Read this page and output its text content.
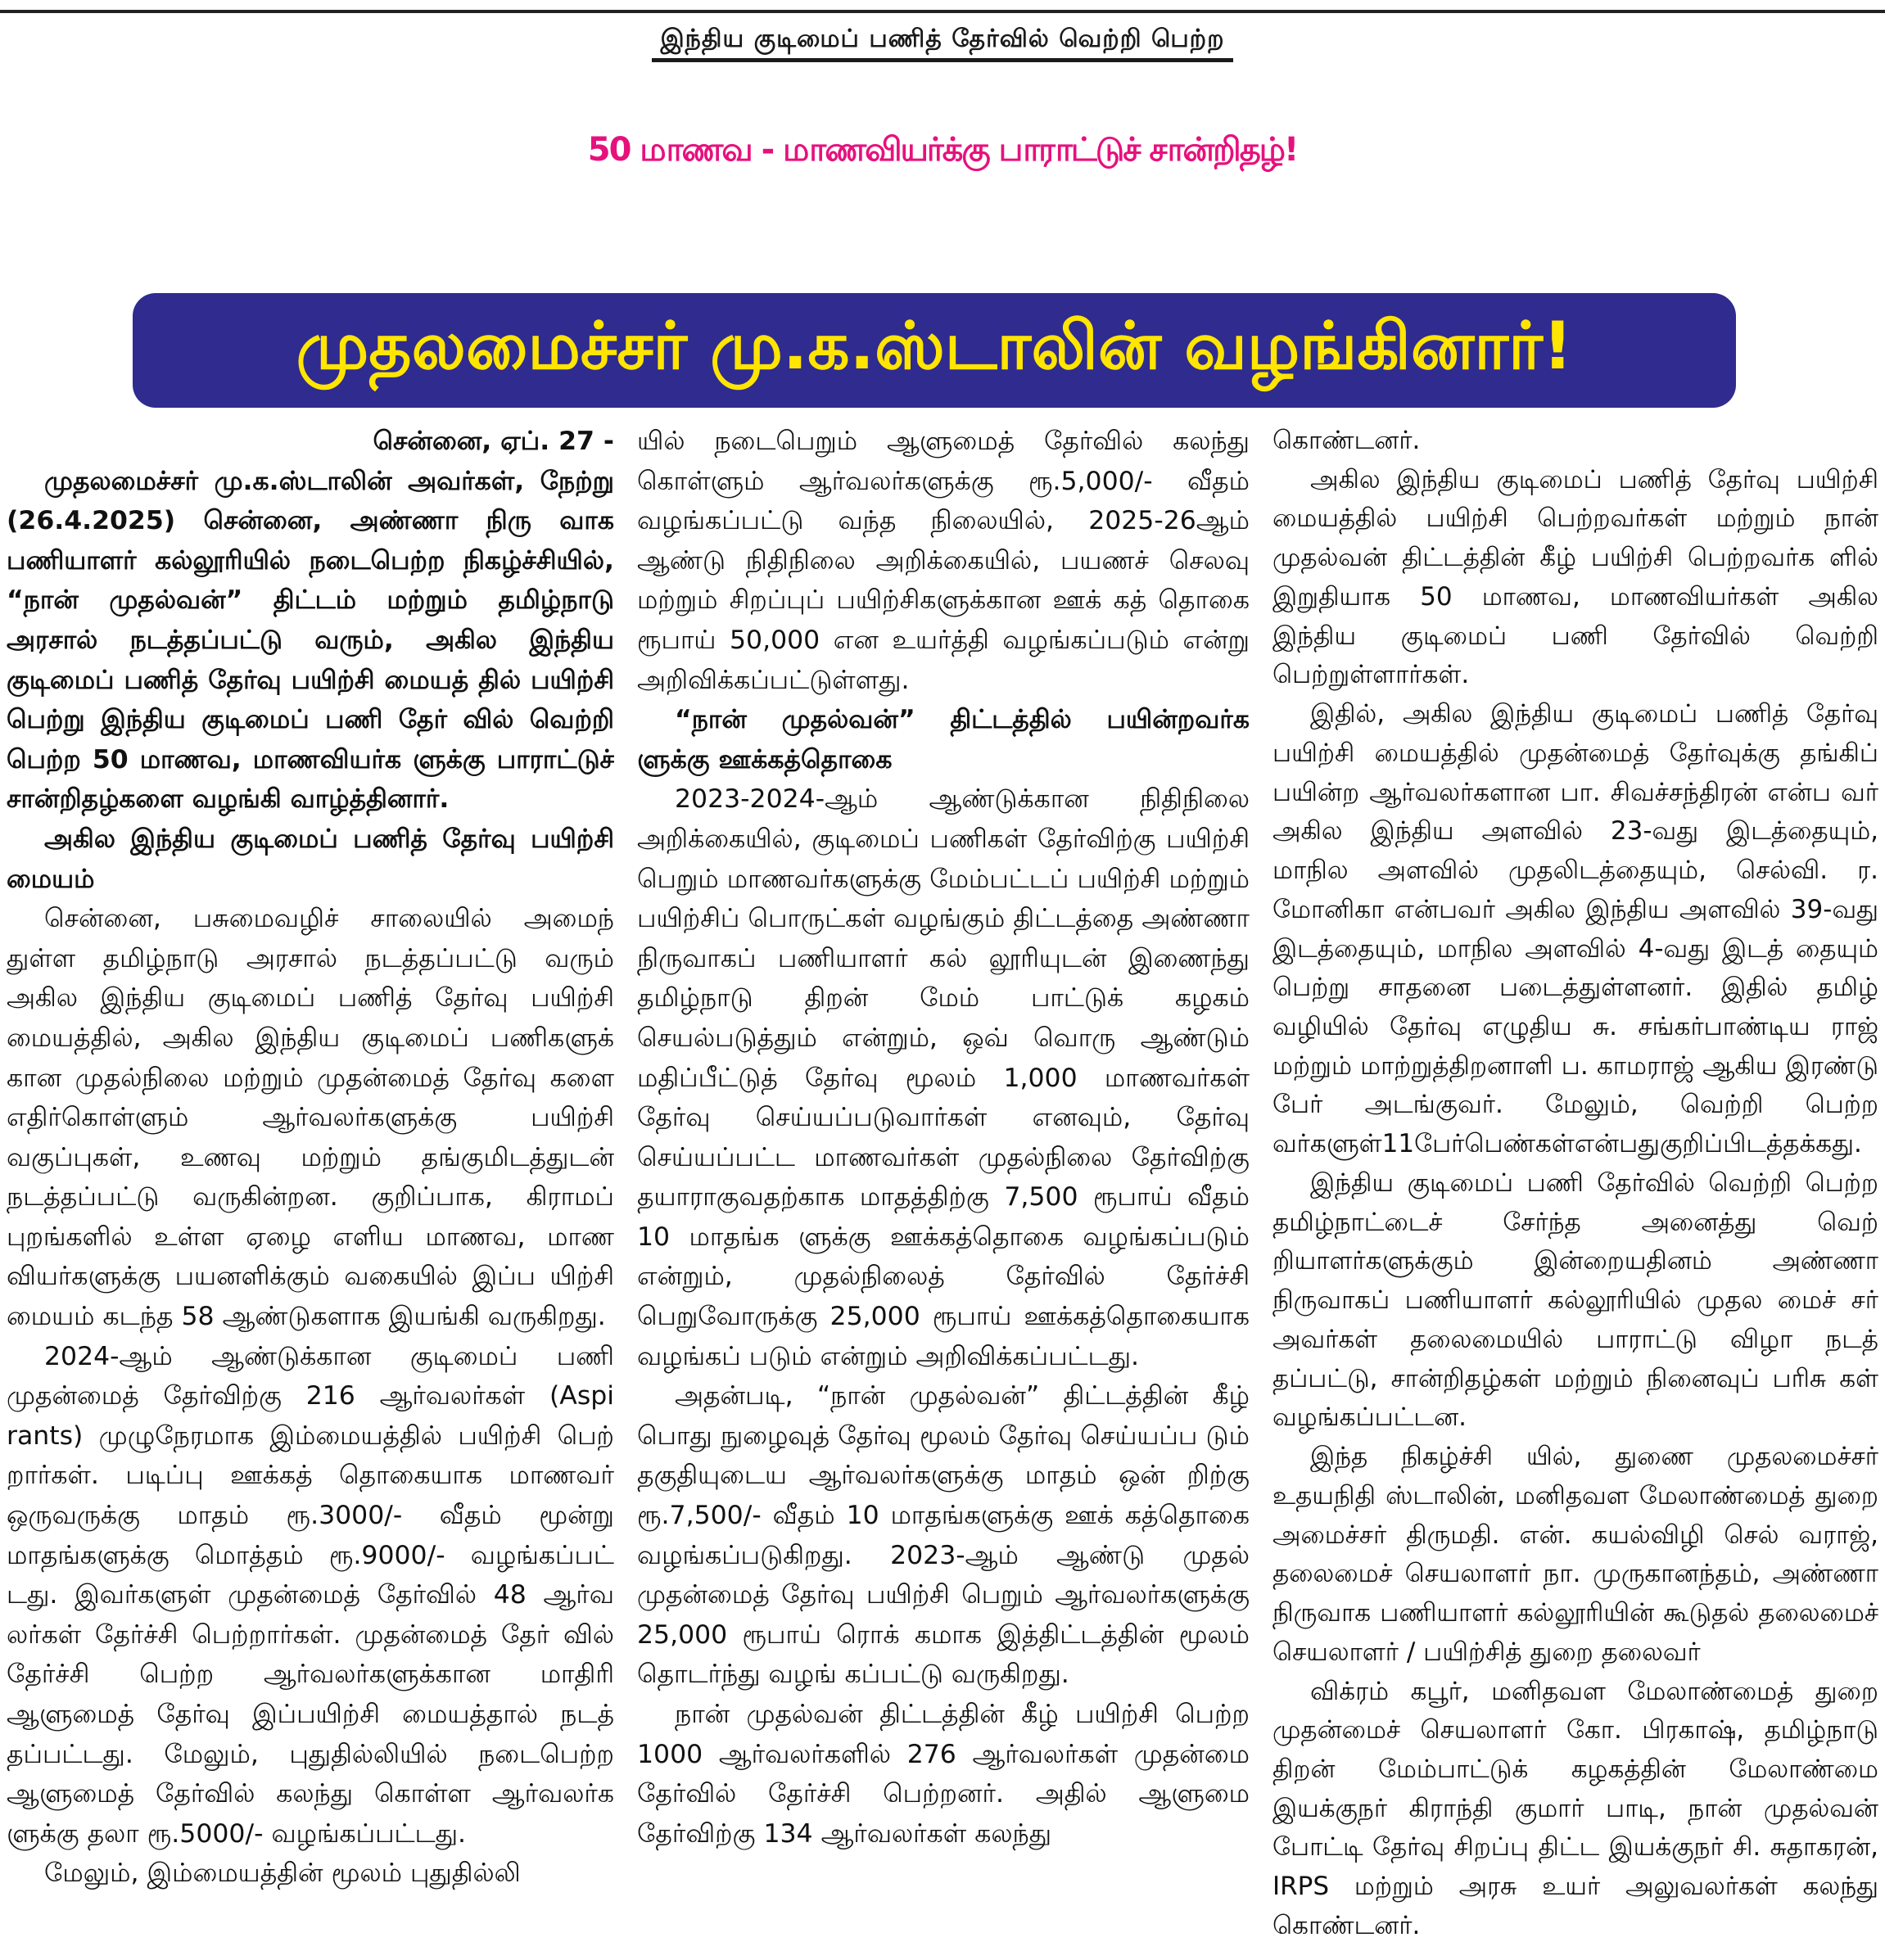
இந்திய குடிமைப் பணித் தேர்வில் வெற்றி பெற்ற
50 மாணவ - மாணவியர்க்கு பாராட்டுச் சான்றிதழ்!
முதலமைச்சர் மு.க.ஸ்டாலின் வழங்கினார்!

சென்னை, ஏப். 27 -

முதலமைச்சர் மு.க.ஸ்டாலின் அவர்கள், நேற்று (26.4.2025) சென்னை, அண்ணா நிரு வாக பணியாளர் கல்லூரியில் நடைபெற்ற நிகழ்ச்சியில், “நான் முதல்வன்” திட்டம் மற்றும் தமிழ்நாடு அரசால் நடத்தப்பட்டு வரும், அகில இந்திய குடிமைப் பணித் தேர்வு பயிற்சி மையத் தில் பயிற்சி பெற்று இந்திய குடிமைப் பணி தேர் வில் வெற்றி பெற்ற 50 மாணவ, மாணவியர்க ளுக்கு பாராட்டுச் சான்றிதழ்களை வழங்கி வாழ்த்தினார்.

அகில இந்திய குடிமைப் பணித் தேர்வு பயிற்சி மையம்

சென்னை, பசுமைவழிச் சாலையில் அமைந் துள்ள தமிழ்நாடு அரசால் நடத்தப்பட்டு வரும் அகில இந்திய குடிமைப் பணித் தேர்வு பயிற்சி மையத்தில், அகில இந்திய குடிமைப் பணிகளுக் கான முதல்நிலை மற்றும் முதன்மைத் தேர்வு களை எதிர்கொள்ளும் ஆர்வலர்களுக்கு பயிற்சி வகுப்புகள், உணவு மற்றும் தங்குமிடத்துடன் நடத்தப்பட்டு வருகின்றன. குறிப்பாக, கிராமப் புறங்களில் உள்ள ஏழை எளிய மாணவ, மாண வியர்களுக்கு பயனளிக்கும் வகையில் இப்ப யிற்சி மையம் கடந்த 58 ஆண்டுகளாக இயங்கி வருகிறது.

2024-ஆம் ஆண்டுக்கான குடிமைப் பணி முதன்மைத் தேர்விற்கு 216 ஆர்வலர்கள் (Aspi rants) முழுநேரமாக இம்மையத்தில் பயிற்சி பெற் றார்கள். படிப்பு ஊக்கத் தொகையாக மாணவர் ஒருவருக்கு மாதம் ரூ.3000/- வீதம் மூன்று மாதங்களுக்கு மொத்தம் ரூ.9000/- வழங்கப்பட் டது. இவர்களுள் முதன்மைத் தேர்வில் 48 ஆர்வ லர்கள் தேர்ச்சி பெற்றார்கள். முதன்மைத் தேர் வில் தேர்ச்சி பெற்ற ஆர்வலர்களுக்கான மாதிரி ஆளுமைத் தேர்வு இப்பயிற்சி மையத்தால் நடத் தப்பட்டது. மேலும், புதுதில்லியில் நடைபெற்ற ஆளுமைத் தேர்வில் கலந்து கொள்ள ஆர்வலர்க ளுக்கு தலா ரூ.5000/- வழங்கப்பட்டது.

மேலும், இம்மையத்தின் மூலம் புதுதில்லி

யில் நடைபெறும் ஆளுமைத் தேர்வில் கலந்து கொள்ளும் ஆர்வலர்களுக்கு ரூ.5,000/- வீதம் வழங்கப்பட்டு வந்த நிலையில், 2025-26ஆம் ஆண்டு நிதிநிலை அறிக்கையில், பயணச் செலவு மற்றும் சிறப்புப் பயிற்சிகளுக்கான ஊக் கத் தொகை ரூபாய் 50,000 என உயர்த்தி வழங்கப்படும் என்று அறிவிக்கப்பட்டுள்ளது.

“நான் முதல்வன்” திட்டத்தில் பயின்றவர்க ளுக்கு ஊக்கத்தொகை

2023-2024-ஆம் ஆண்டுக்கான நிதிநிலை அறிக்கையில், குடிமைப் பணிகள் தேர்விற்கு பயிற்சி பெறும் மாணவர்களுக்கு மேம்பட்டப் பயிற்சி மற்றும் பயிற்சிப் பொருட்கள் வழங்கும் திட்டத்தை அண்ணா நிருவாகப் பணியாளர் கல் லூரியுடன் இணைந்து தமிழ்நாடு திறன் மேம் பாட்டுக் கழகம் செயல்படுத்தும் என்றும், ஒவ் வொரு ஆண்டும் மதிப்பீட்டுத் தேர்வு மூலம் 1,000 மாணவர்கள் தேர்வு செய்யப்படுவார்கள் எனவும், தேர்வு செய்யப்பட்ட மாணவர்கள் முதல்நிலை தேர்விற்கு தயாராகுவதற்காக மாதத்திற்கு 7,500 ரூபாய் வீதம் 10 மாதங்க ளுக்கு ஊக்கத்தொகை வழங்கப்படும் என்றும், முதல்நிலைத் தேர்வில் தேர்ச்சி பெறுவோருக்கு 25,000 ரூபாய் ஊக்கத்தொகையாக வழங்கப் படும் என்றும் அறிவிக்கப்பட்டது.

அதன்படி, “நான் முதல்வன்” திட்டத்தின் கீழ் பொது நுழைவுத் தேர்வு மூலம் தேர்வு செய்யப்ப டும் தகுதியுடைய ஆர்வலர்களுக்கு மாதம் ஒன் றிற்கு ரூ.7,500/- வீதம் 10 மாதங்களுக்கு ஊக் கத்தொகை வழங்கப்படுகிறது. 2023-ஆம் ஆண்டு முதல் முதன்மைத் தேர்வு பயிற்சி பெறும் ஆர்வலர்களுக்கு 25,000 ரூபாய் ரொக் கமாக இத்திட்டத்தின் மூலம் தொடர்ந்து வழங் கப்பட்டு வருகிறது.

நான் முதல்வன் திட்டத்தின் கீழ் பயிற்சி பெற்ற 1000 ஆர்வலர்களில் 276 ஆர்வலர்கள் முதன்மை தேர்வில் தேர்ச்சி பெற்றனர். அதில் ஆளுமை தேர்விற்கு 134 ஆர்வலர்கள் கலந்து

கொண்டனர்.

அகில இந்திய குடிமைப் பணித் தேர்வு பயிற்சி மையத்தில் பயிற்சி பெற்றவர்கள் மற்றும் நான் முதல்வன் திட்டத்தின் கீழ் பயிற்சி பெற்றவர்க ளில் இறுதியாக 50 மாணவ, மாணவியர்கள் அகில இந்திய குடிமைப் பணி தேர்வில் வெற்றி பெற்றுள்ளார்கள்.

இதில், அகில இந்திய குடிமைப் பணித் தேர்வு பயிற்சி மையத்தில் முதன்மைத் தேர்வுக்கு தங்கிப் பயின்ற ஆர்வலர்களான பா. சிவச்சந்திரன் என்ப வர் அகில இந்திய அளவில் 23-வது இடத்தையும், மாநில அளவில் முதலிடத்தையும், செல்வி. ர. மோனிகா என்பவர் அகில இந்திய அளவில் 39-வது இடத்தையும், மாநில அளவில் 4-வது இடத் தையும் பெற்று சாதனை படைத்துள்ளனர். இதில் தமிழ் வழியில் தேர்வு எழுதிய சு. சங்கர்பாண்டிய ராஜ் மற்றும் மாற்றுத்திறனாளி ப. காமராஜ் ஆகிய இரண்டு பேர் அடங்குவர். மேலும், வெற்றி பெற்ற வர்களுள்11பேர்பெண்கள்என்பதுகுறிப்பிடத்தக்கது.

இந்திய குடிமைப் பணி தேர்வில் வெற்றி பெற்ற தமிழ்நாட்டைச் சேர்ந்த அனைத்து வெற் றியாளர்களுக்கும் இன்றையதினம் அண்ணா நிருவாகப் பணியாளர் கல்லூரியில் முதல மைச் சர் அவர்கள் தலைமையில் பாராட்டு விழா நடத் தப்பட்டு, சான்றிதழ்கள் மற்றும் நினைவுப் பரிசு கள் வழங்கப்பட்டன.

இந்த நிகழ்ச்சி யில், துணை முதலமைச்சர் உதயநிதி ஸ்டாலின், மனிதவள மேலாண்மைத் துறை அமைச்சர் திருமதி. என். கயல்விழி செல் வராஜ், தலைமைச் செயலாளர் நா. முருகானந்தம், அண்ணா நிருவாக பணியாளர் கல்லூரியின் கூடுதல் தலைமைச் செயலாளர் / பயிற்சித் துறை தலைவர்

விக்ரம் கபூர், மனிதவள மேலாண்மைத் துறை முதன்மைச் செயலாளர் கோ. பிரகாஷ், தமிழ்நாடு திறன் மேம்பாட்டுக் கழகத்தின் மேலாண்மை இயக்குநர் கிராந்தி குமார் பாடி, நான் முதல்வன் போட்டி தேர்வு சிறப்பு திட்ட இயக்குநர் சி. சுதாகரன், IRPS மற்றும் அரசு உயர் அலுவலர்கள் கலந்து கொண்டனர்.
